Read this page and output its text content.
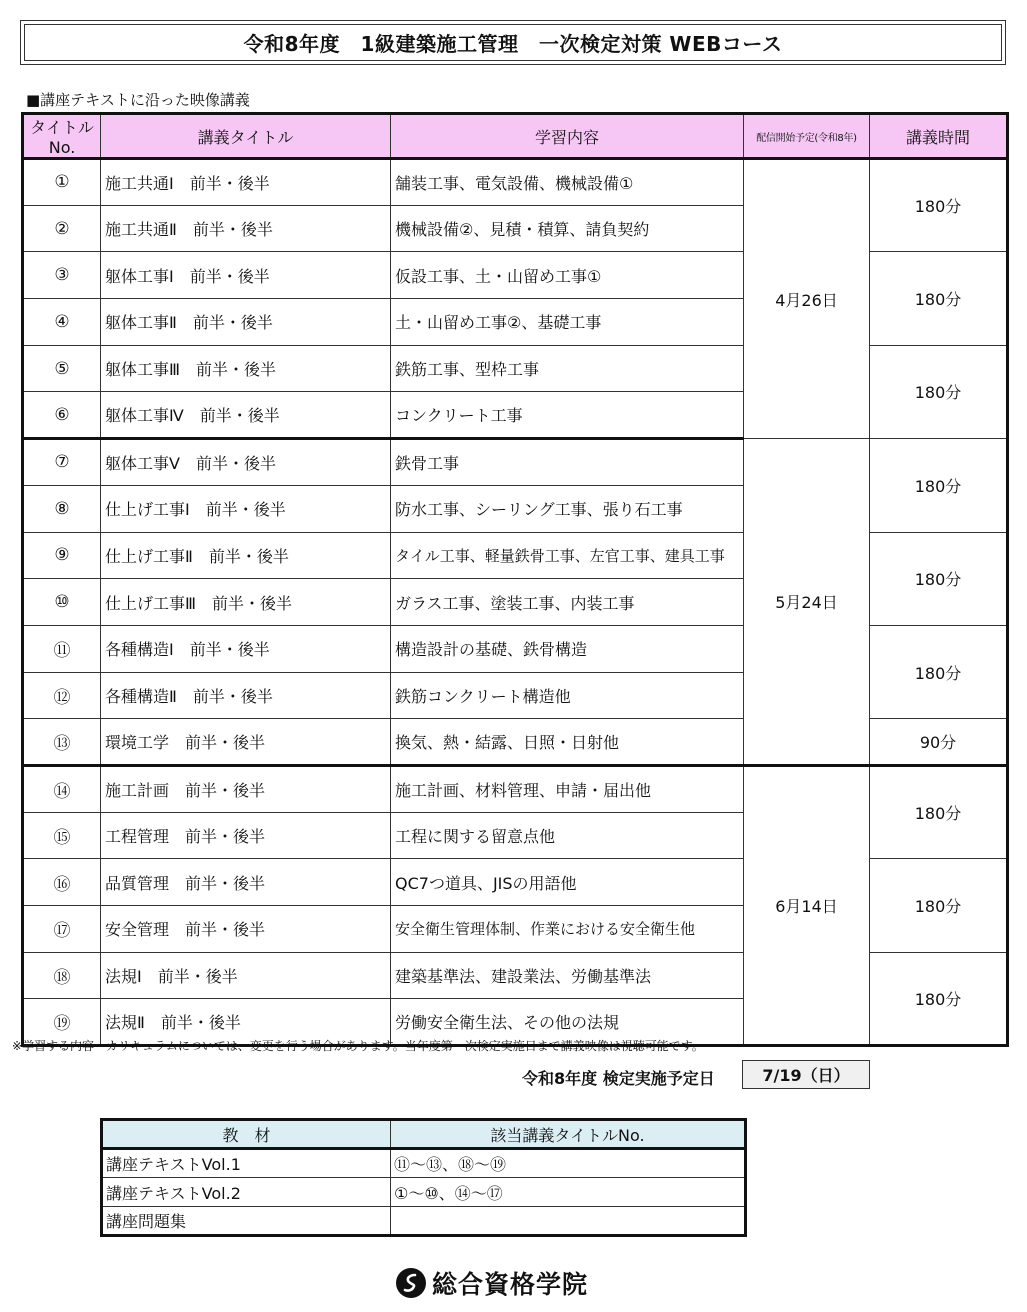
令和8年度　1級建築施工管理　一次検定対策 WEBコース
■講座テキストに沿った映像講義
タイトルNo.	講義タイトル	学習内容	配信開始予定(令和8年)	講義時間
①	施工共通Ⅰ　前半・後半	舗装工事、電気設備、機械設備①	4月26日	180分
②	施工共通Ⅱ　前半・後半	機械設備②、見積・積算、請負契約		
③	躯体工事Ⅰ　前半・後半	仮設工事、土・山留め工事①		180分
④	躯体工事Ⅱ　前半・後半	土・山留め工事②、基礎工事		
⑤	躯体工事Ⅲ　前半・後半	鉄筋工事、型枠工事		180分
⑥	躯体工事Ⅳ　前半・後半	コンクリート工事		
⑦	躯体工事Ⅴ　前半・後半	鉄骨工事	5月24日	180分
⑧	仕上げ工事Ⅰ　前半・後半	防水工事、シーリング工事、張り石工事		
⑨	仕上げ工事Ⅱ　前半・後半	タイル工事、軽量鉄骨工事、左官工事、建具工事		180分
⑩	仕上げ工事Ⅲ　前半・後半	ガラス工事、塗装工事、内装工事		
⑪	各種構造Ⅰ　前半・後半	構造設計の基礎、鉄骨構造		180分
⑫	各種構造Ⅱ　前半・後半	鉄筋コンクリート構造他		
⑬	環境工学　前半・後半	換気、熱・結露、日照・日射他		90分
⑭	施工計画　前半・後半	施工計画、材料管理、申請・届出他	6月14日	180分
⑮	工程管理　前半・後半	工程に関する留意点他		
⑯	品質管理　前半・後半	QC7つ道具、JISの用語他		180分
⑰	安全管理　前半・後半	安全衛生管理体制、作業における安全衛生他		
⑱	法規Ⅰ　前半・後半	建築基準法、建設業法、労働基準法		180分
⑲	法規Ⅱ　前半・後半	労働安全衛生法、その他の法規		
※学習する内容・カリキュラムについては、変更を行う場合があります。当年度第一次検定実施日まで講義映像は視聴可能です。
令和8年度 検定実施予定日	7/19（日）
教　材	該当講義タイトルNo.
講座テキストVol.1	⑪～⑬、⑱～⑲
講座テキストVol.2	①～⑩、⑭～⑰
講座問題集	
総合資格学院
